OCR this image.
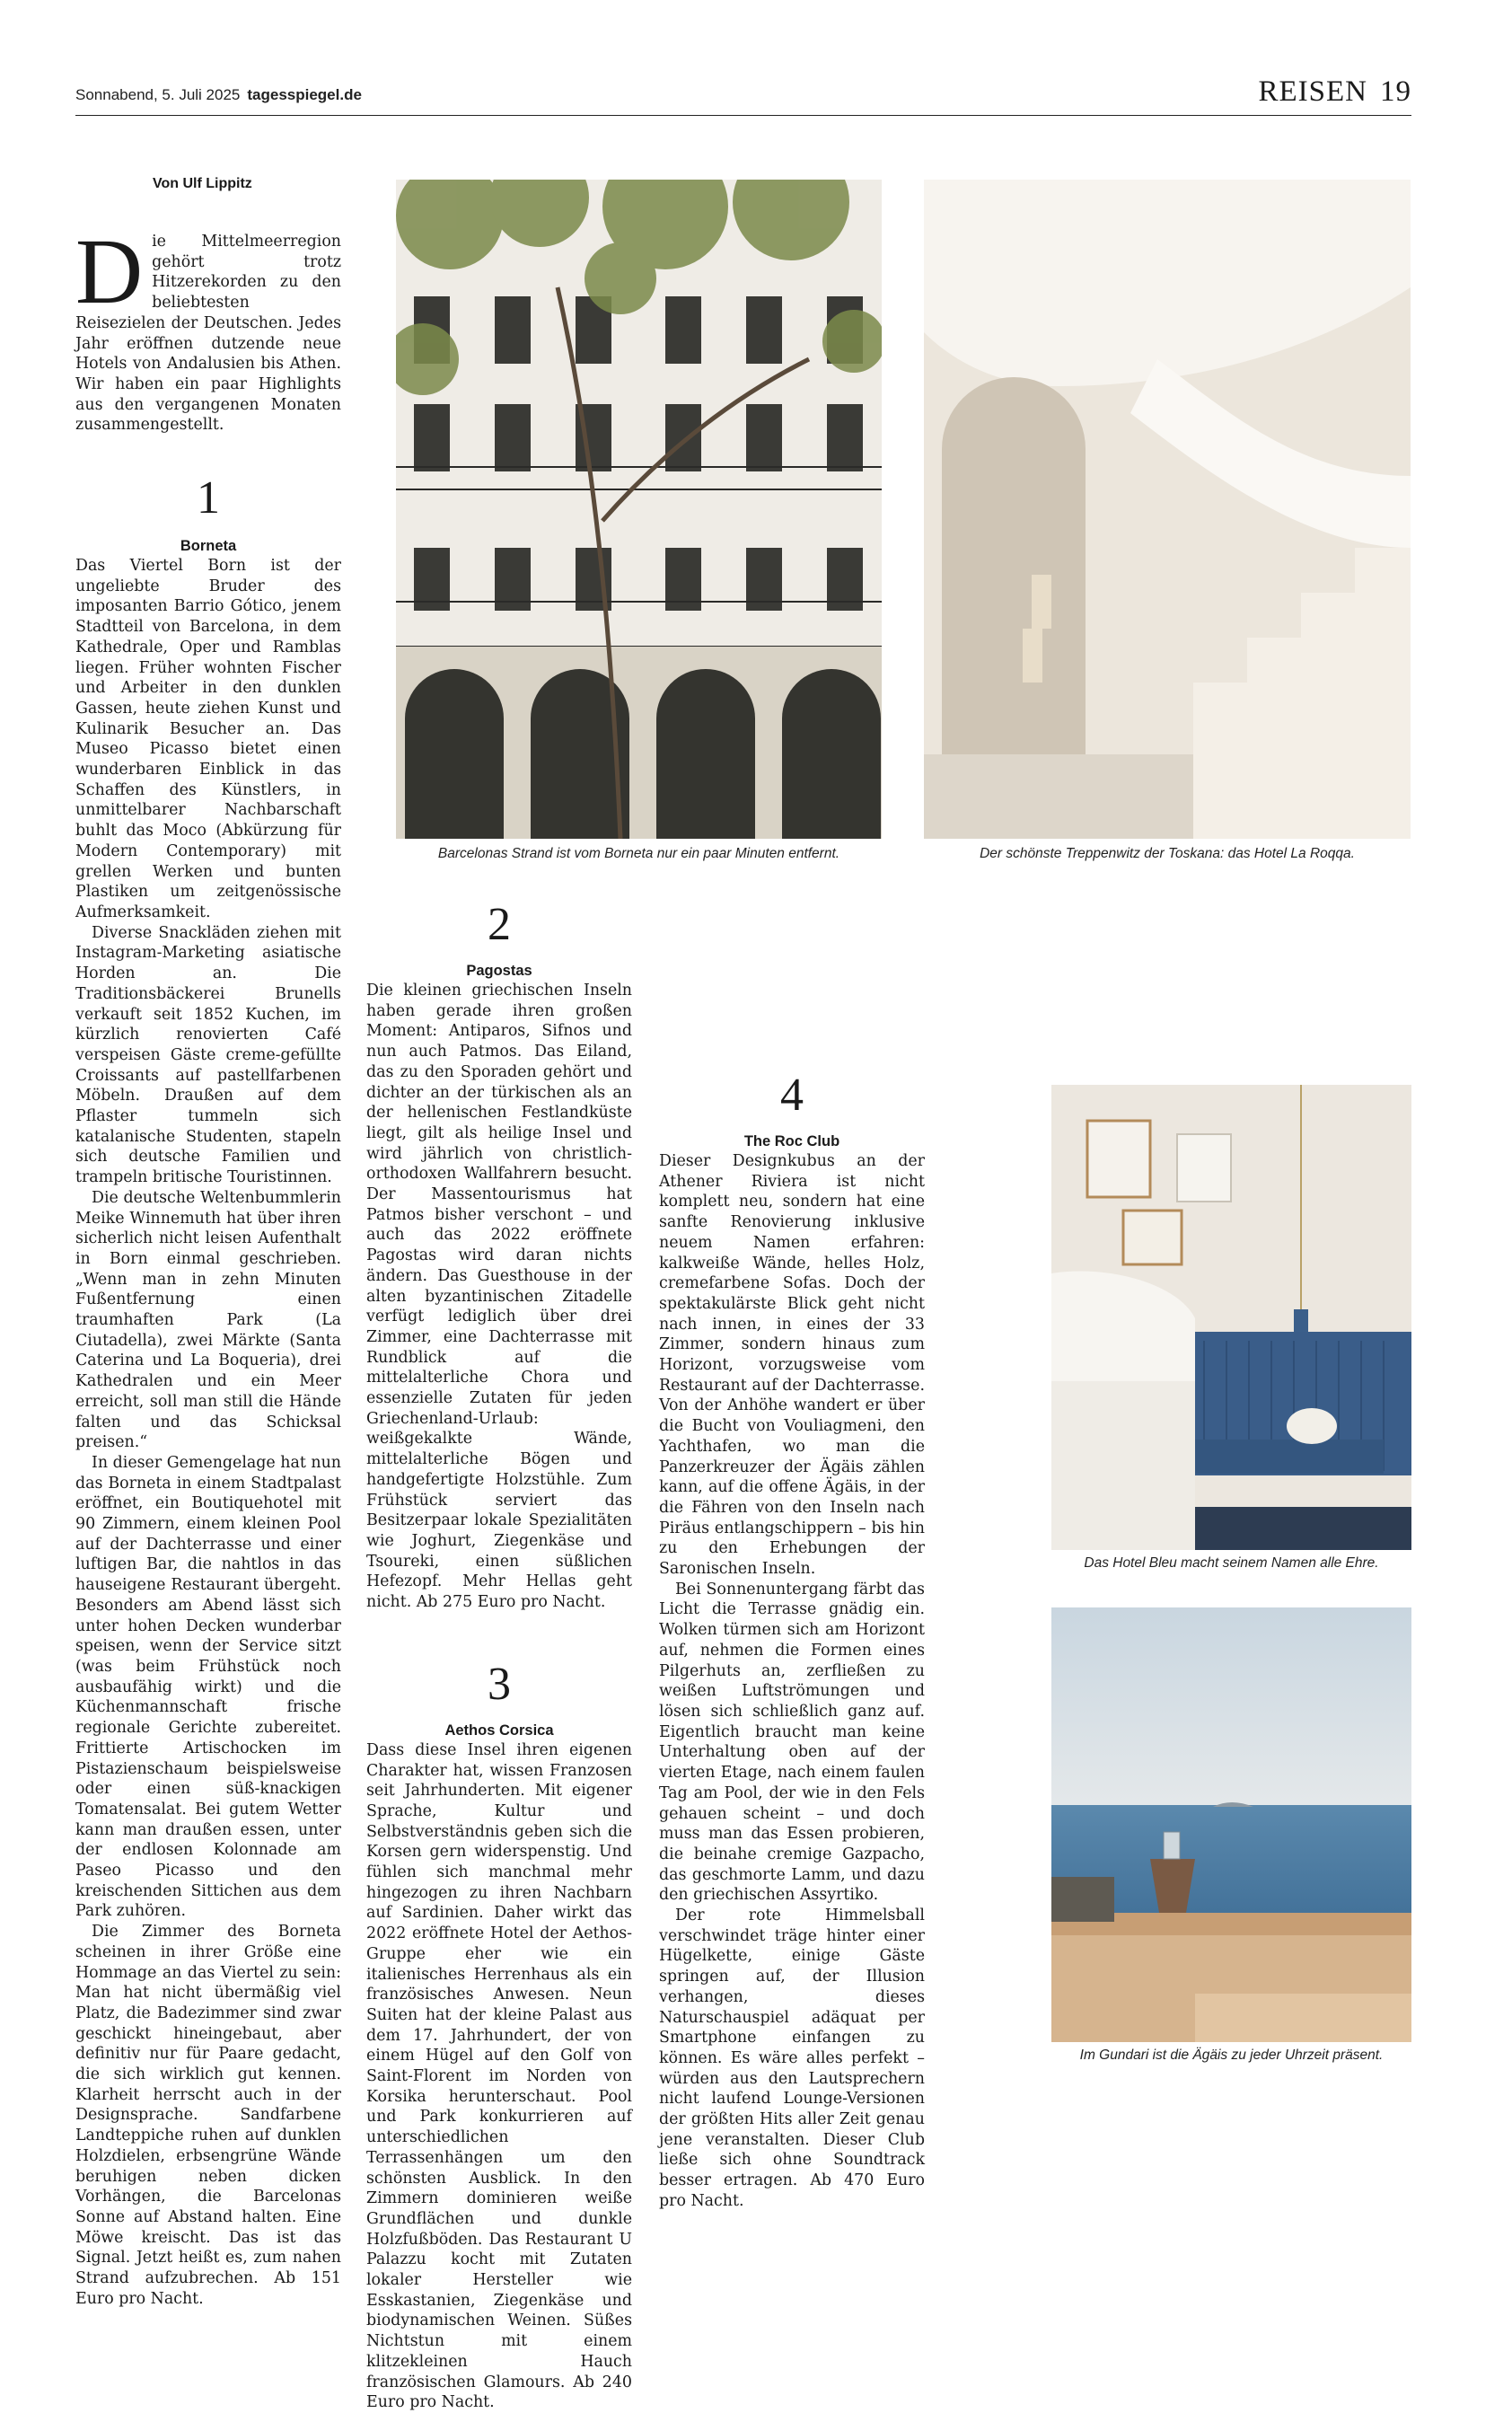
Sonnabend, 5. Juli 2025 tagesspiegel.de	REISEN 19
Von Ulf Lippitz
Die Mittelmeerregion gehört trotz Hitzerekorden zu den beliebtesten Reisezielen der Deutschen. Jedes Jahr eröffnen dutzende neue Hotels von Andalusien bis Athen. Wir haben ein paar Highlights aus den vergangenen Monaten zusammengestellt.
1
Borneta

Das Viertel Born ist der ungeliebte Bruder des imposanten Barrio Gótico, jenem Stadtteil von Barcelona, in dem Kathedrale, Oper und Ramblas liegen. Früher wohnten Fischer und Arbeiter in den dunklen Gassen, heute ziehen Kunst und Kulinarik Besucher an. Das Museo Picasso bietet einen wunderbaren Einblick in das Schaffen des Künstlers, in unmittelbarer Nachbarschaft buhlt das Moco (Abkürzung für Modern Contemporary) mit grellen Werken und bunten Plastiken um zeitgenössische Aufmerksamkeit.

Diverse Snackläden ziehen mit Instagram-Marketing asiatische Horden an. Die Traditionsbäckerei Brunells verkauft seit 1852 Kuchen, im kürzlich renovierten Café verspeisen Gäste creme-gefüllte Croissants auf pastellfarbenen Möbeln. Draußen auf dem Pflaster tummeln sich katalanische Studenten, stapeln sich deutsche Familien und trampeln britische Touristinnen.

Die deutsche Weltenbummlerin Meike Winnemuth hat über ihren sicherlich nicht leisen Aufenthalt in Born einmal geschrieben. „Wenn man in zehn Minuten Fußentfernung einen traumhaften Park (La Ciutadella), zwei Märkte (Santa Caterina und La Boqueria), drei Kathedralen und ein Meer erreicht, soll man still die Hände falten und das Schicksal preisen.“

In dieser Gemengelage hat nun das Borneta in einem Stadtpalast eröffnet, ein Boutiquehotel mit 90 Zimmern, einem kleinen Pool auf der Dachterrasse und einer luftigen Bar, die nahtlos in das hauseigene Restaurant übergeht. Besonders am Abend lässt sich unter hohen Decken wunderbar speisen, wenn der Service sitzt (was beim Frühstück noch ausbaufähig wirkt) und die Küchenmannschaft frische regionale Gerichte zubereitet. Frittierte Artischocken im Pistazienschaum beispielsweise oder einen süß-knackigen Tomatensalat. Bei gutem Wetter kann man draußen essen, unter der endlosen Kolonnade am Paseo Picasso und den kreischenden Sittichen aus dem Park zuhören.

Die Zimmer des Borneta scheinen in ihrer Größe eine Hommage an das Viertel zu sein: Man hat nicht übermäßig viel Platz, die Badezimmer sind zwar geschickt hineingebaut, aber definitiv nur für Paare gedacht, die sich wirklich gut kennen. Klarheit herrscht auch in der Designsprache. Sandfarbene Landteppiche ruhen auf dunklen Holzdielen, erbsengrüne Wände beruhigen neben dicken Vorhängen, die Barcelonas Sonne auf Abstand halten. Eine Möwe kreischt. Das ist das Signal. Jetzt heißt es, zum nahen Strand aufzubrechen. Ab 151 Euro pro Nacht.

2
Pagostas

Die kleinen griechischen Inseln haben gerade ihren großen Moment: Antiparos, Sifnos und nun auch Patmos. Das Eiland, das zu den Sporaden gehört und dichter an der türkischen als an der hellenischen Festlandküste liegt, gilt als heilige Insel und wird jährlich von christlich-orthodoxen Wallfahrern besucht. Der Massentourismus hat Patmos bisher verschont – und auch das 2022 eröffnete Pagostas wird daran nichts ändern. Das Guesthouse in der alten byzantinischen Zitadelle verfügt lediglich über drei Zimmer, eine Dachterrasse mit Rundblick auf die mittelalterliche Chora und essenzielle Zutaten für jeden Griechenland-Urlaub: weißgekalkte Wände, mittelalterliche Bögen und handgefertigte Holzstühle. Zum Frühstück serviert das Besitzerpaar lokale Spezialitäten wie Joghurt, Ziegenkäse und Tsoureki, einen süßlichen Hefezopf. Mehr Hellas geht nicht. Ab 275 Euro pro Nacht.

3
Aethos Corsica

Dass diese Insel ihren eigenen Charakter hat, wissen Franzosen seit Jahrhunderten. Mit eigener Sprache, Kultur und Selbstverständnis geben sich die Korsen gern widerspenstig. Und fühlen sich manchmal mehr hingezogen zu ihren Nachbarn auf Sardinien. Daher wirkt das 2022 eröffnete Hotel der Aethos-Gruppe eher wie ein italienisches Herrenhaus als ein französisches Anwesen. Neun Suiten hat der kleine Palast aus dem 17. Jahrhundert, der von einem Hügel auf den Golf von Saint-Florent im Norden von Korsika herunterschaut. Pool und Park konkurrieren auf unterschiedlichen Terrassenhängen um den schönsten Ausblick. In den Zimmern dominieren weiße Grundflächen und dunkle Holzfußböden. Das Restaurant U Palazzu kocht mit Zutaten lokaler Hersteller wie Esskastanien, Ziegenkäse und biodynamischen Weinen. Süßes Nichtstun mit einem klitzekleinen Hauch französischen Glamours. Ab 240 Euro pro Nacht.

4
The Roc Club

Dieser Designkubus an der Athener Riviera ist nicht komplett neu, sondern hat eine sanfte Renovierung inklusive neuem Namen erfahren: kalkweiße Wände, helles Holz, cremefarbene Sofas. Doch der spektakulärste Blick geht nicht nach innen, in eines der 33 Zimmer, sondern hinaus zum Horizont, vorzugsweise vom Restaurant auf der Dachterrasse. Von der Anhöhe wandert er über die Bucht von Vouliagmeni, den Yachthafen, wo man die Panzerkreuzer der Ägäis zählen kann, auf die offene Ägäis, in der die Fähren von den Inseln nach Piräus entlangschippern – bis hin zu den Erhebungen der Saronischen Inseln.

Bei Sonnenuntergang färbt das Licht die Terrasse gnädig ein. Wolken türmen sich am Horizont auf, nehmen die Formen eines Pilgerhuts an, zerfließen zu weißen Luftströmungen und lösen sich schließlich ganz auf. Eigentlich braucht man keine Unterhaltung oben auf der vierten Etage, nach einem faulen Tag am Pool, der wie in den Fels gehauen scheint – und doch muss man das Essen probieren, die beinahe cremige Gazpacho, das geschmorte Lamm, und dazu den griechischen Assyrtiko.

Der rote Himmelsball verschwindet träge hinter einer Hügelkette, einige Gäste springen auf, der Illusion verhangen, dieses Naturschauspiel adäquat per Smartphone einfangen zu können. Es wäre alles perfekt – würden aus den Lautsprechern nicht laufend Lounge-Versionen der größten Hits aller Zeit genau jene veranstalten. Dieser Club ließe sich ohne Soundtrack besser ertragen. Ab 470 Euro pro Nacht.

Barcelonas Strand ist vom Borneta nur ein paar Minuten entfernt.	Der schönste Treppenwitz der Toskana: das Hotel La Roqqa.
Das Hotel Bleu macht seinem Namen alle Ehre.
Im Gundari ist die Ägäis zu jeder Uhrzeit präsent.
